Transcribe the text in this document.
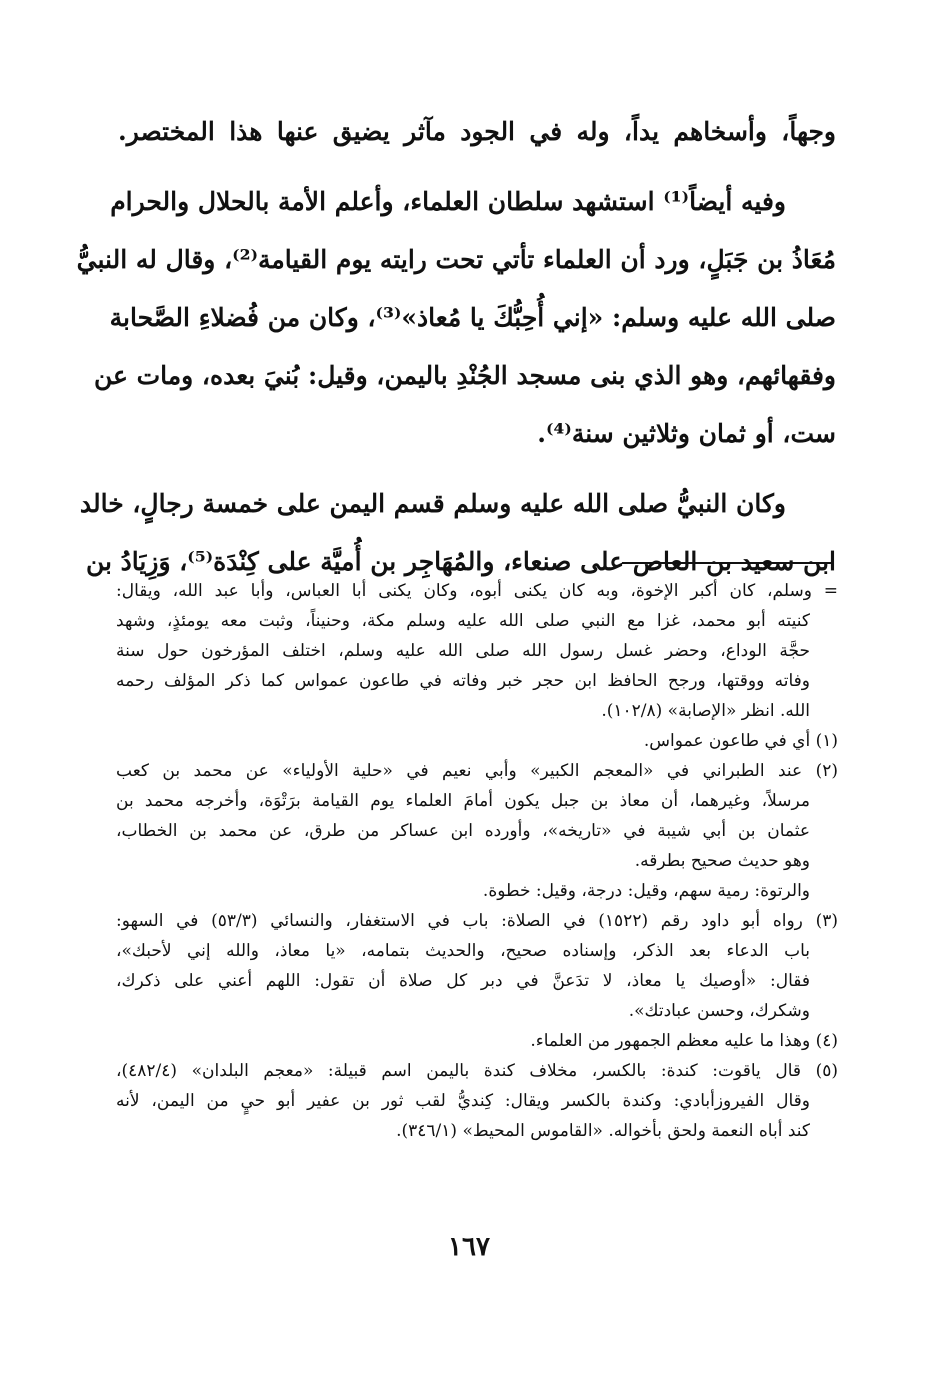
وجهاً، وأسخاهم يداً، وله في الجود مآثر يضيق عنها هذا المختصر.
وفيه أيضاً⁽¹⁾ استشهد سلطان العلماء، وأعلم الأمة بالحلال والحرام
مُعَاذُ بن جَبَلٍ، ورد أن العلماء تأتي تحت رايته يوم القيامة⁽²⁾، وقال له النبيُّ
صلى الله عليه وسلم: «إني أُحِبُّكَ يا مُعاذ»⁽³⁾، وكان من فُضلاءِ الصَّحابة
وفقهائهم، وهو الذي بنى مسجد الجُنْدِ باليمن، وقيل: بُنيَ بعده، ومات عن
ست، أو ثمان وثلاثين سنة⁽⁴⁾.
وكان النبيُّ صلى الله عليه وسلم قسم اليمن على خمسة رجالٍ، خالد
ابن سعيد بن العاص على صنعاء، والمُهَاجِر بن أُميَّة على كِنْدَة⁽⁵⁾، وَزِيَادُ بن
= وسلم، كان أكبر الإخوة، وبه كان يكنى أبوه، وكان يكنى أبا العباس، وأبا عبد الله، ويقال:
كنيته أبو محمد، غزا مع النبي صلى الله عليه وسلم مكة، وحنيناً، وثبت معه يومئذٍ، وشهد
حجَّة الوداع، وحضر غسل رسول الله صلى الله عليه وسلم، اختلف المؤرخون حول سنة
وفاته ووقتها، ورجح الحافظ ابن حجر خبر وفاته في طاعون عمواس كما ذكر المؤلف رحمه
الله. انظر «الإصابة» (١٠٢/٨).
(١) أي في طاعون عمواس.
(٢) عند الطبراني في «المعجم الكبير» وأبي نعيم في «حلية الأولياء» عن محمد بن كعب
مرسلاً، وغيرهما، أن معاذ بن جبل يكون أمامَ العلماء يوم القيامة برَتْوَة، وأخرجه محمد بن
عثمان بن أبي شيبة في «تاريخه»، وأورده ابن عساكر من طرق، عن محمد بن الخطاب،
وهو حديث صحيح بطرقه.
والرتوة: رمية سهم، وقيل: درجة، وقيل: خطوة.
(٣) رواه أبو داود رقم (١٥٢٢) في الصلاة: باب في الاستغفار، والنسائي (٥٣/٣) في السهو:
باب الدعاء بعد الذكر، وإسناده صحيح، والحديث بتمامه، «يا معاذ، والله إني لأحبك»،
فقال: «أوصيك يا معاذ، لا تدَعنَّ في دبر كل صلاة أن تقول: اللهم أعني على ذكرك،
وشكرك، وحسن عبادتك».
(٤) وهذا ما عليه معظم الجمهور من العلماء.
(٥) قال ياقوت: كندة: بالكسر، مخلاف كندة باليمن اسم قبيلة: «معجم البلدان» (٤٨٢/٤)،
وقال الفيروزأبادي: وكندة بالكسر ويقال: كِنديُّ لقب ثور بن عفير أبو حيٍ من اليمن، لأنه
كند أباه النعمة ولحق بأخواله. «القاموس المحيط» (٣٤٦/١).
١٦٧
